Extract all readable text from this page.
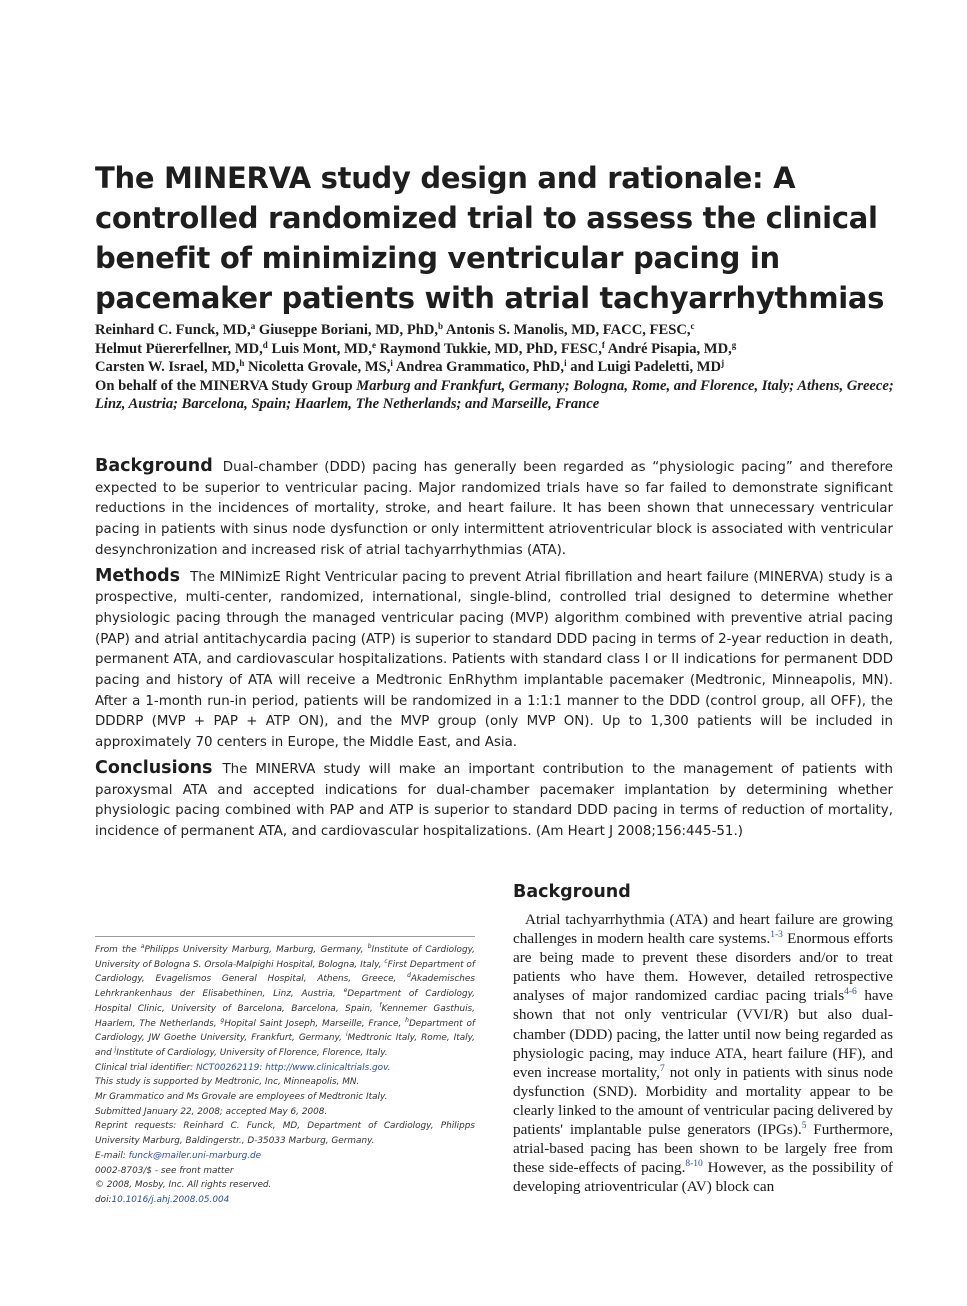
The MINERVA study design and rationale: A controlled randomized trial to assess the clinical benefit of minimizing ventricular pacing in pacemaker patients with atrial tachyarrhythmias
Reinhard C. Funck, MD,$^a$ Giuseppe Boriani, MD, PhD,$^b$ Antonis S. Manolis, MD, FACC, FESC,$^c$
Helmut Püererfellner, MD,$^d$ Luis Mont, MD,$^e$ Raymond Tukkie, MD, PhD, FESC,$^f$ André Pisapia, MD,$^g$
Carsten W. Israel, MD,$^h$ Nicoletta Grovale, MS,$^i$ Andrea Grammatico, PhD,$^i$ and Luigi Padeletti, $MD^j$
On behalf of the MINERVA Study Group Marburg and Frankfurt, Germany; Bologna, Rome, and Florence, Italy; Athens, Greece; Linz, Austria; Barcelona, Spain; Haarlem, The Netherlands; and Marseille, France

Background Dual-chamber (DDD) pacing has generally been regarded as “physiologic pacing” and therefore expected to be superior to ventricular pacing. Major randomized trials have so far failed to demonstrate significant reductions in the incidences of mortality, stroke, and heart failure. It has been shown that unnecessary ventricular pacing in patients with sinus node dysfunction or only intermittent atrioventricular block is associated with ventricular desynchronization and increased risk of atrial tachyarrhythmias (ATA).

Methods The MINimizE Right Ventricular pacing to prevent Atrial fibrillation and heart failure (MINERVA) study is a prospective, multi-center, randomized, international, single-blind, controlled trial designed to determine whether physiologic pacing through the managed ventricular pacing (MVP) algorithm combined with preventive atrial pacing (PAP) and atrial antitachycardia pacing (ATP) is superior to standard DDD pacing in terms of 2-year reduction in death, permanent ATA, and cardiovascular hospitalizations. Patients with standard class I or II indications for permanent DDD pacing and history of ATA will receive a Medtronic EnRhythm implantable pacemaker (Medtronic, Minneapolis, MN). After a 1-month run-in period, patients will be randomized in a 1:1:1 manner to the DDD (control group, all OFF), the DDDRP (MVP + PAP + ATP ON), and the MVP group (only MVP ON). Up to 1,300 patients will be included in approximately 70 centers in Europe, the Middle East, and Asia.

Conclusions The MINERVA study will make an important contribution to the management of patients with paroxysmal ATA and accepted indications for dual-chamber pacemaker implantation by determining whether physiologic pacing combined with PAP and ATP is superior to standard DDD pacing in terms of reduction of mortality, incidence of permanent ATA, and cardiovascular hospitalizations. (Am Heart J 2008;156:445-51.)

From the $^a$Philipps University Marburg, Marburg, Germany, $^b$Institute of Cardiology, University of Bologna S. Orsola-Malpighi Hospital, Bologna, Italy, $^c$First Department of Cardiology, Evagelismos General Hospital, Athens, Greece, $^d$Akademisches Lehrkrankenhaus der Elisabethinen, Linz, Austria, $^e$Department of Cardiology, Hospital Clinic, University of Barcelona, Barcelona, Spain, $^f$Kennemer Gasthuis, Haarlem, The Netherlands, $^g$Hopital Saint Joseph, Marseille, France, $^h$Department of Cardiology, JW Goethe University, Frankfurt, Germany, $^i$Medtronic Italy, Rome, Italy, and $^j$Institute of Cardiology, University of Florence, Florence, Italy.

Clinical trial identifier: NCT00262119: http://www.clinicaltrials.gov.

This study is supported by Medtronic, Inc, Minneapolis, MN.

Mr Grammatico and Ms Grovale are employees of Medtronic Italy.

Submitted January 22, 2008; accepted May 6, 2008.

Reprint requests: Reinhard C. Funck, MD, Department of Cardiology, Philipps University Marburg, Baldingerstr., D-35033 Marburg, Germany.

E-mail: funck@mailer.uni-marburg.de

0002-8703/$ - see front matter

© 2008, Mosby, Inc. All rights reserved.

doi:10.1016/j.ahj.2008.05.004

Background

Atrial tachyarrhythmia (ATA) and heart failure are growing challenges in modern health care systems.$^{1-3}$ Enormous efforts are being made to prevent these disorders and/or to treat patients who have them. However, detailed retrospective analyses of major randomized cardiac pacing trials$^{4-6}$ have shown that not only ventricular (VVI/R) but also dual-chamber (DDD) pacing, the latter until now being regarded as physiologic pacing, may induce ATA, heart failure (HF), and even increase mortality,$^7$ not only in patients with sinus node dysfunction (SND). Morbidity and mortality appear to be clearly linked to the amount of ventricular pacing delivered by patients' implantable pulse generators (IPGs).$^5$ Furthermore, atrial-based pacing has been shown to be largely free from these side-effects of pacing.$^{8-10}$ However, as the possibility of developing atrioventricular (AV) block can
